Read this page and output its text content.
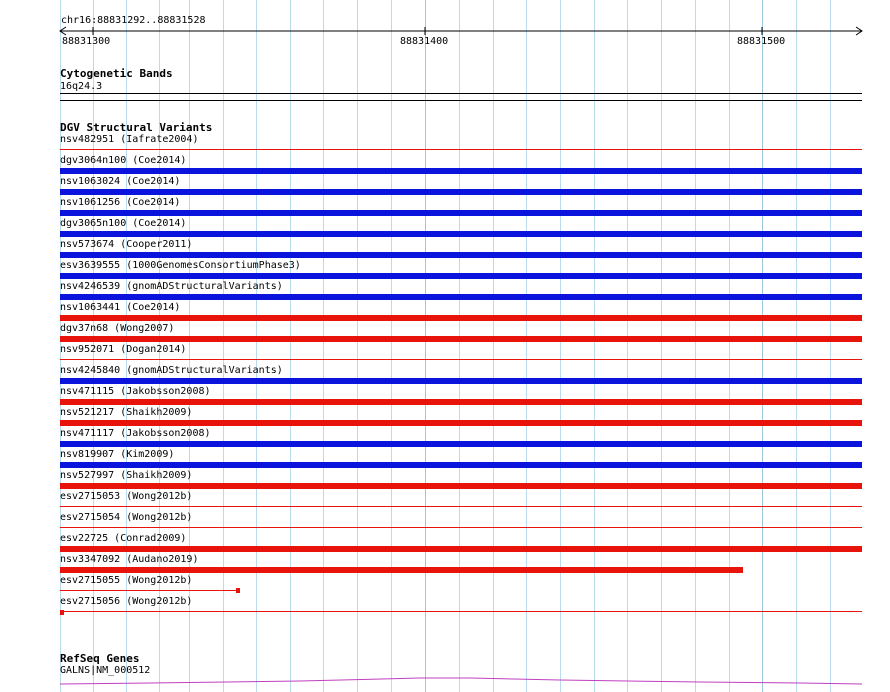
chr16:88831292..88831528
88831300	88831400	88831500
Cytogenetic Bands
16q24.3
DGV Structural Variants
nsv482951 (Iafrate2004)
dgv3064n100 (Coe2014)
nsv1063024 (Coe2014)
nsv1061256 (Coe2014)
dgv3065n100 (Coe2014)
nsv573674 (Cooper2011)
esv3639555 (1000GenomesConsortiumPhase3)
nsv4246539 (gnomADStructuralVariants)
nsv1063441 (Coe2014)
dgv37n68 (Wong2007)
nsv952071 (Dogan2014)
nsv4245840 (gnomADStructuralVariants)
nsv471115 (Jakobsson2008)
nsv521217 (Shaikh2009)
nsv471117 (Jakobsson2008)
nsv819907 (Kim2009)
nsv527997 (Shaikh2009)
esv2715053 (Wong2012b)
esv2715054 (Wong2012b)
esv22725 (Conrad2009)
nsv3347092 (Audano2019)
esv2715055 (Wong2012b)
esv2715056 (Wong2012b)
RefSeq Genes
GALNS|NM_000512
